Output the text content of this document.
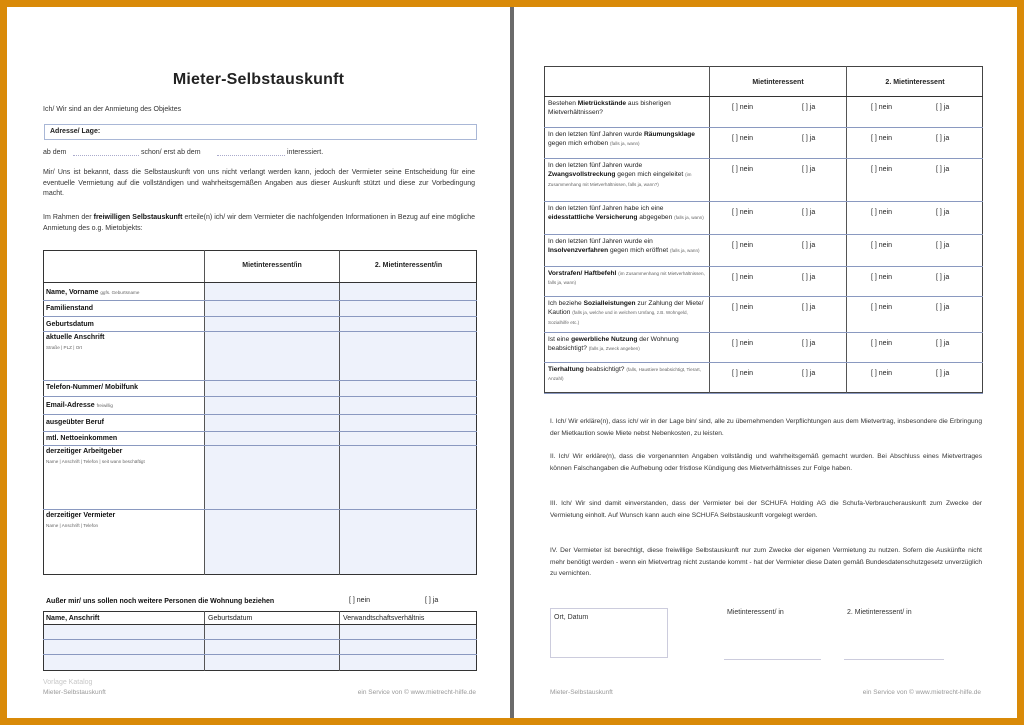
Mieter-Selbstauskunft
Ich/ Wir sind an der Anmietung des Objektes
Adresse/ Lage:
ab dem	schon/ erst ab dem	interessiert.
Mir/ Uns ist bekannt, dass die Selbstauskunft von uns nicht verlangt werden kann, jedoch der Vermieter seine Entscheidung für eine eventuelle Vermietung auf die vollständigen und wahrheitsgemäßen Angaben aus dieser Auskunft stützt und diese zur Vorbedingung macht.
Im Rahmen der freiwilligen Selbstauskunft erteile(n) ich/ wir dem Vermieter die nachfolgenden Informationen in Bezug auf eine mögliche Anmietung des o.g. Mietobjekts:
Mietinteressent/in	2. Mietinteressent/in
Name, Vorname ggfs. Geburtsname
Familienstand
Geburtsdatum
aktuelle Anschrift
Straße | PLZ | Ort
Telefon-Nummer/ Mobilfunk
Email-Adresse freiwillig
ausgeübter Beruf
mtl. Nettoeinkommen
derzeitiger Arbeitgeber
Name | Anschrift | Telefon | seit wann beschäftigt
derzeitiger Vermieter
Name | Anschrift | Telefon
Außer mir/ uns sollen noch weitere Personen die Wohnung beziehen	[ ] nein	[ ] ja
Name, Anschrift	Geburtsdatum	Verwandtschaftsverhältnis
Vorlage Katalog
Mieter-Selbstauskunft	ein Service von © www.mietrecht-hilfe.de
Mietinteressent	2. Mietinteressent
I. Ich/ Wir erkläre(n), dass ich/ wir in der Lage bin/ sind, alle zu übernehmenden Verpflichtungen aus dem Mietvertrag, insbesondere die Erbringung der Mietkaution sowie Miete nebst Nebenkosten, zu leisten.
II. Ich/ Wir erkläre(n), dass die vorgenannten Angaben vollständig und wahrheitsgemäß gemacht wurden. Bei Abschluss eines Mietvertrages können Falschangaben die Aufhebung oder fristlose Kündigung des Mietverhältnisses zur Folge haben.
III. Ich/ Wir sind damit einverstanden, dass der Vermieter bei der SCHUFA Holding AG die Schufa-Verbraucherauskunft zum Zwecke der Vermietung einholt. Auf Wunsch kann auch eine SCHUFA Selbstauskunft vorgelegt werden.
IV. Der Vermieter ist berechtigt, diese freiwillige Selbstauskunft nur zum Zwecke der eigenen Vermietung zu nutzen. Sofern die Auskünfte nicht mehr benötigt werden - wenn ein Mietvertrag nicht zustande kommt - hat der Vermieter diese Daten gemäß Bundesdatenschutzgesetz unverzüglich zu vernichten.
Ort, Datum
Mietinteressent/ in	2. Mietinteressent/ in
Mieter-Selbstauskunft	ein Service von © www.mietrecht-hilfe.de
Bestehen Mietrückstände aus bisherigen Mietverhältnissen?
[ ] nein	[ ] ja	[ ] nein	[ ] ja
In den letzten fünf Jahren wurde Räumungsklage gegen mich erhoben (falls ja, wann)
[ ] nein	[ ] ja	[ ] nein	[ ] ja
In den letzten fünf Jahren wurde Zwangsvollstreckung gegen mich eingeleitet (im Zusammenhang mit Mietverhältnissen, falls ja, wann?)
[ ] nein	[ ] ja	[ ] nein	[ ] ja
In den letzten fünf Jahren habe ich eine eidesstattliche Versicherung abgegeben (falls ja, wann)
[ ] nein	[ ] ja	[ ] nein	[ ] ja
In den letzten fünf Jahren wurde ein Insolvenzverfahren gegen mich eröffnet (falls ja, wann)
[ ] nein	[ ] ja	[ ] nein	[ ] ja
Vorstrafen/ Haftbefehl (im Zusammenhang mit Mietverhältnissen, falls ja, wann)
[ ] nein	[ ] ja	[ ] nein	[ ] ja
Ich beziehe Sozialleistungen zur Zahlung der Miete/ Kaution (falls ja, welche und in welchem Umfang, z.B. Wohngeld, Sozialhilfe etc.)
[ ] nein	[ ] ja	[ ] nein	[ ] ja
Ist eine gewerbliche Nutzung der Wohnung beabsichtigt? (falls ja, Zweck angeben)
[ ] nein	[ ] ja	[ ] nein	[ ] ja
Tierhaltung beabsichtigt? (falls, Haustiere beabsichtigt, Tierart, Anzahl)
[ ] nein	[ ] ja	[ ] nein	[ ] ja
